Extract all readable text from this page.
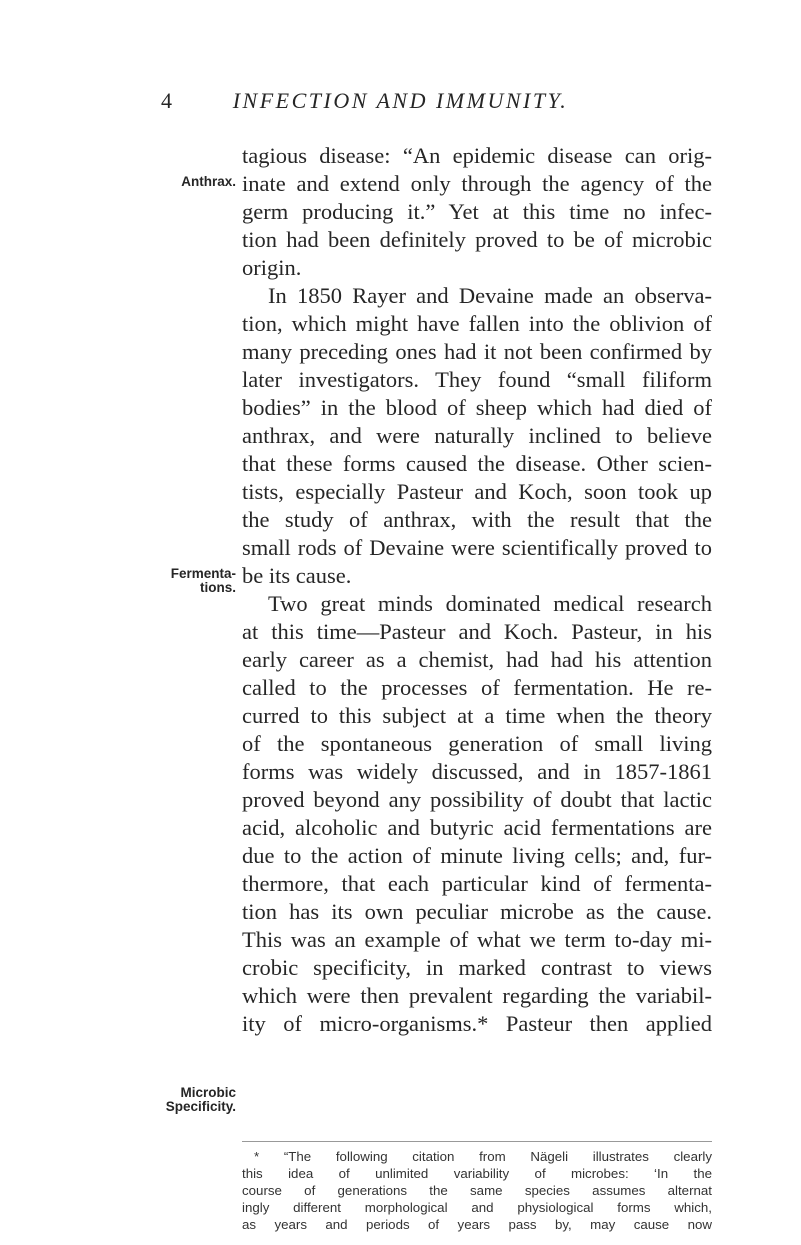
4	INFECTION AND IMMUNITY.
Anthrax.
Fermenta-
tions.
Microbic
Specificity.
tagious disease: “An epidemic disease can orig-
inate and extend only through the agency of the
germ producing it.” Yet at this time no infec-
tion had been definitely proved to be of microbic
origin.
In 1850 Rayer and Devaine made an observa-
tion, which might have fallen into the oblivion of
many preceding ones had it not been confirmed by
later investigators. They found “small filiform
bodies” in the blood of sheep which had died of
anthrax, and were naturally inclined to believe
that these forms caused the disease. Other scien-
tists, especially Pasteur and Koch, soon took up
the study of anthrax, with the result that the
small rods of Devaine were scientifically proved to
be its cause.
Two great minds dominated medical research
at this time—Pasteur and Koch. Pasteur, in his
early career as a chemist, had had his attention
called to the processes of fermentation. He re-
curred to this subject at a time when the theory
of the spontaneous generation of small living
forms was widely discussed, and in 1857-1861
proved beyond any possibility of doubt that lactic
acid, alcoholic and butyric acid fermentations are
due to the action of minute living cells; and, fur-
thermore, that each particular kind of fermenta-
tion has its own peculiar microbe as the cause.
This was an example of what we term to-day mi-
crobic specificity, in marked contrast to views
which were then prevalent regarding the variabil-
ity of micro-organisms.* Pasteur then applied
* “The following citation from Nägeli illustrates clearly
this idea of unlimited variability of microbes: ‘In the
course of generations the same species assumes alternat
ingly different morphological and physiological forms which,
as years and periods of years pass by, may cause now
